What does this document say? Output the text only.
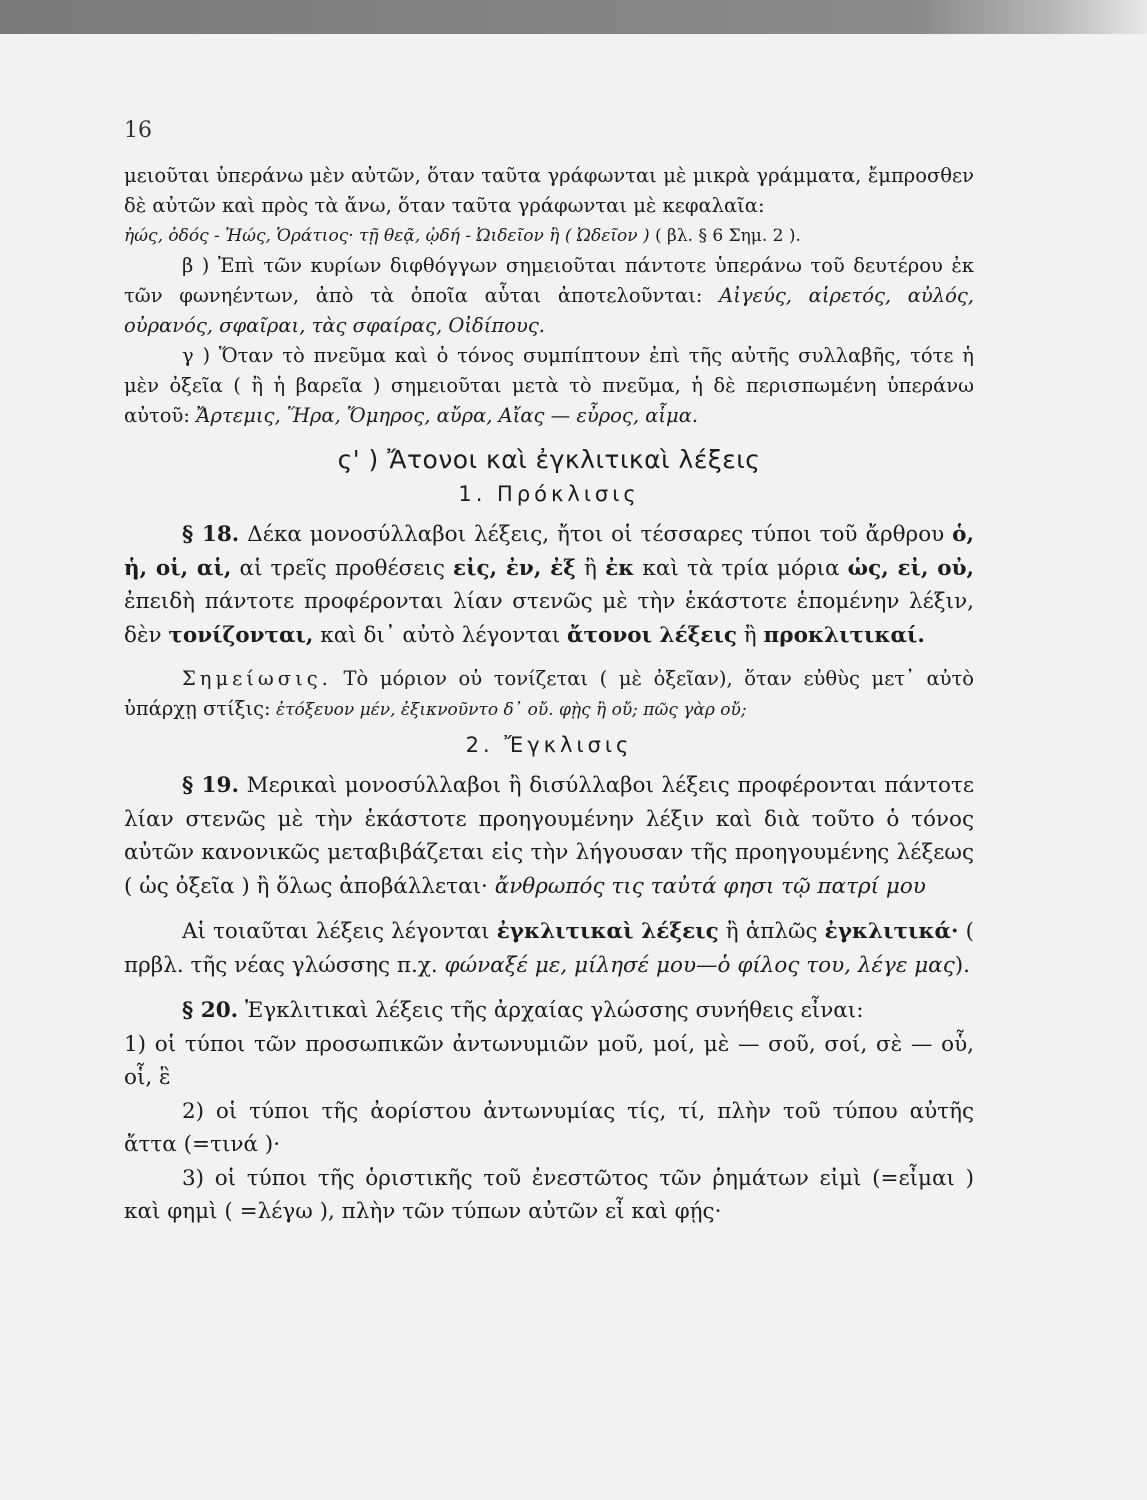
16

μειοῦται ὑπεράνω μὲν αὐτῶν, ὅταν ταῦτα γράφωνται μὲ μικρὰ γράμματα, ἔμπροσθεν δὲ αὐτῶν καὶ πρὸς τὰ ἄνω, ὅταν ταῦτα γράφωνται μὲ κεφαλαῖα:

ἠώς, ὁδός - Ἠώς, Ὁράτιος· τῇ θεᾷ, ᾠδή - Ὠιδεῖον ἢ ( Ὠδεῖον ) ( βλ. § 6 Σημ. 2 ).

β ) Ἐπὶ τῶν κυρίων διφθόγγων σημειοῦται πάντοτε ὑπεράνω τοῦ δευτέρου ἐκ τῶν φωνηέντων, ἀπὸ τὰ ὁποῖα αὗται ἀποτελοῦνται: Αἰγεύς, αἱρετός, αὐλός, οὐρανός, σφαῖραι, τὰς σφαίρας, Οἰδίπους.

γ ) Ὅταν τὸ πνεῦμα καὶ ὁ τόνος συμπίπτουν ἐπὶ τῆς αὐτῆς συλλαβῆς, τότε ἡ μὲν ὀξεῖα ( ἢ ἡ βαρεῖα ) σημειοῦται μετὰ τὸ πνεῦμα, ἡ δὲ περισπωμένη ὑπεράνω αὐτοῦ: Ἄρτεμις, Ἥρα, Ὅμηρος, αὔρα, Αἴας — εὖρος, αἷμα.

ς' ) Ἄτονοι καὶ ἐγκλιτικαὶ λέξεις
1. Πρόκλισις

§ 18. Δέκα μονοσύλλαβοι λέξεις, ἤτοι οἱ τέσσαρες τύποι τοῦ ἄρθρου ὁ, ἡ, οἱ, αἱ, αἱ τρεῖς προθέσεις εἰς, ἐν, ἐξ ἢ ἐκ καὶ τὰ τρία μόρια ὡς, εἰ, οὐ, ἐπειδὴ πάντοτε προφέρονται λίαν στενῶς μὲ τὴν ἑκάστοτε ἑπομένην λέξιν, δὲν τονίζονται, καὶ δι᾽ αὐτὸ λέγονται ἄτονοι λέξεις ἢ προκλιτικαί.

Σημείωσις. Τὸ μόριον οὐ τονίζεται ( μὲ ὀξεῖαν), ὅταν εὐθὺς μετ᾽ αὐτὸ ὑπάρχῃ στίξις: ἐτόξευον μέν, ἐξικνοῦντο δ᾽ οὔ. φῂς ἢ οὔ; πῶς γὰρ οὔ;

2. Ἔγκλισις

§ 19. Μερικαὶ μονοσύλλαβοι ἢ δισύλλαβοι λέξεις προφέρονται πάντοτε λίαν στενῶς μὲ τὴν ἑκάστοτε προηγουμένην λέξιν καὶ διὰ τοῦτο ὁ τόνος αὐτῶν κανονικῶς μεταβιβάζεται εἰς τὴν λήγουσαν τῆς προηγουμένης λέξεως ( ὡς ὀξεῖα ) ἢ ὅλως ἀποβάλλεται· ἄνθρωπός τις ταὐτά φησι τῷ πατρί μου

Αἱ τοιαῦται λέξεις λέγονται ἐγκλιτικαὶ λέξεις ἢ ἁπλῶς ἐγκλιτικά· ( πρβλ. τῆς νέας γλώσσης π.χ. φώναξέ με, μίλησέ μου—ὁ φίλος του, λέγε μας).

§ 20. Ἐγκλιτικαὶ λέξεις τῆς ἀρχαίας γλώσσης συνήθεις εἶναι:

1) οἱ τύποι τῶν προσωπικῶν ἀντωνυμιῶν μοῦ, μοί, μὲ — σοῦ, σοί, σὲ — οὗ, οἷ, ἓ

2) οἱ τύποι τῆς ἀορίστου ἀντωνυμίας τίς, τί, πλὴν τοῦ τύπου αὐτῆς ἄττα (=τινά )·

3) οἱ τύποι τῆς ὁριστικῆς τοῦ ἐνεστῶτος τῶν ῥημάτων εἰμὶ (=εἶμαι ) καὶ φημὶ ( =λέγω ), πλὴν τῶν τύπων αὐτῶν εἶ καὶ φῄς·
